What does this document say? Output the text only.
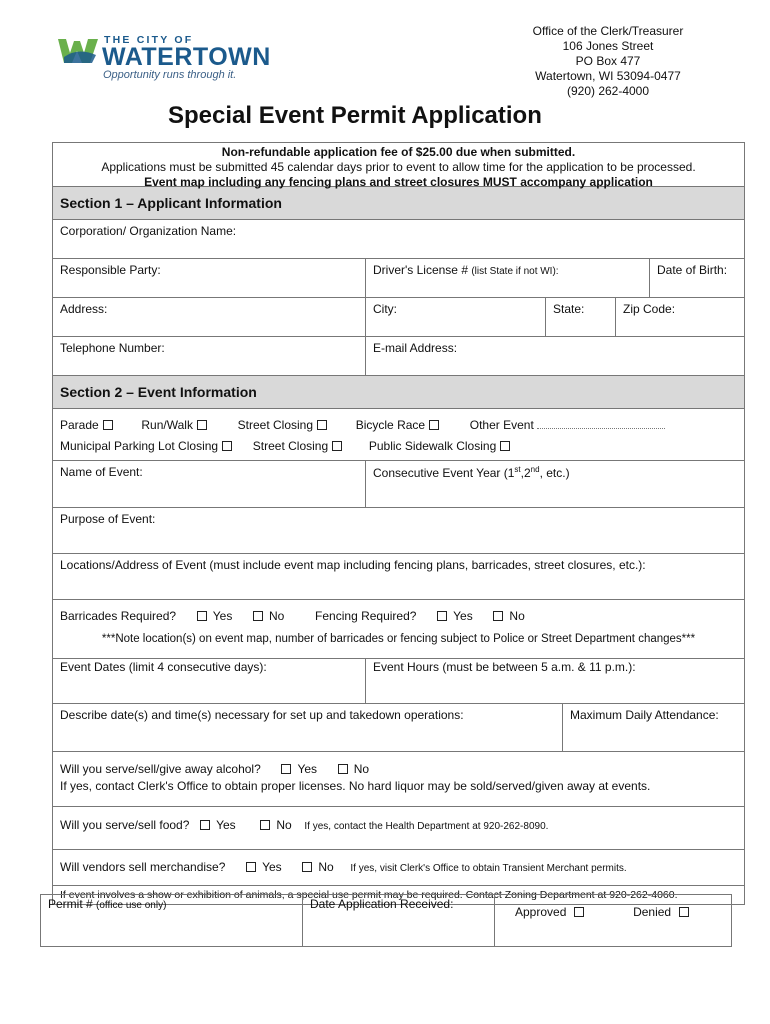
THE CITY OF
WATERTOWN
Opportunity runs through it.
Office of the Clerk/Treasurer
106 Jones Street
PO Box 477
Watertown, WI 53094-0477
(920) 262-4000
Special Event Permit Application
Non-refundable application fee of $25.00 due when submitted.
Applications must be submitted 45 calendar days prior to event to allow time for the application to be processed.
Event map including any fencing plans and street closures MUST accompany application
Section 1 – Applicant Information
Corporation/ Organization Name:
Responsible Party:	Driver's License # (list State if not WI):	Date of Birth:
Address:	City:	State:	Zip Code:
Telephone Number:	E-mail Address:
Section 2 – Event Information
Parade	Run/Walk	Street Closing	Bicycle Race	Other Event
Municipal Parking Lot Closing	Street Closing	Public Sidewalk Closing
Name of Event:	Consecutive Event Year (1st,2nd, etc.)
Purpose of Event:
Locations/Address of Event (must include event map including fencing plans, barricades, street closures, etc.):
Barricades Required?	Yes	No	Fencing Required?	Yes	No
***Note location(s) on event map, number of barricades or fencing subject to Police or Street Department changes***
Event Dates (limit 4 consecutive days):	Event Hours (must be between 5 a.m. & 11 p.m.):
Describe date(s) and time(s) necessary for set up and takedown operations:	Maximum Daily Attendance:
Will you serve/sell/give away alcohol?	Yes	No
If yes, contact Clerk's Office to obtain proper licenses. No hard liquor may be sold/served/given away at events.
Will you serve/sell food? Yes	No If yes, contact the Health Department at 920-262-8090.
Will vendors sell merchandise?	Yes	No If yes, visit Clerk's Office to obtain Transient Merchant permits.
If event involves a show or exhibition of animals, a special use permit may be required. Contact Zoning Department at 920-262-4060.
Permit # (office use only)	Date Application Received:
Approved	Denied
